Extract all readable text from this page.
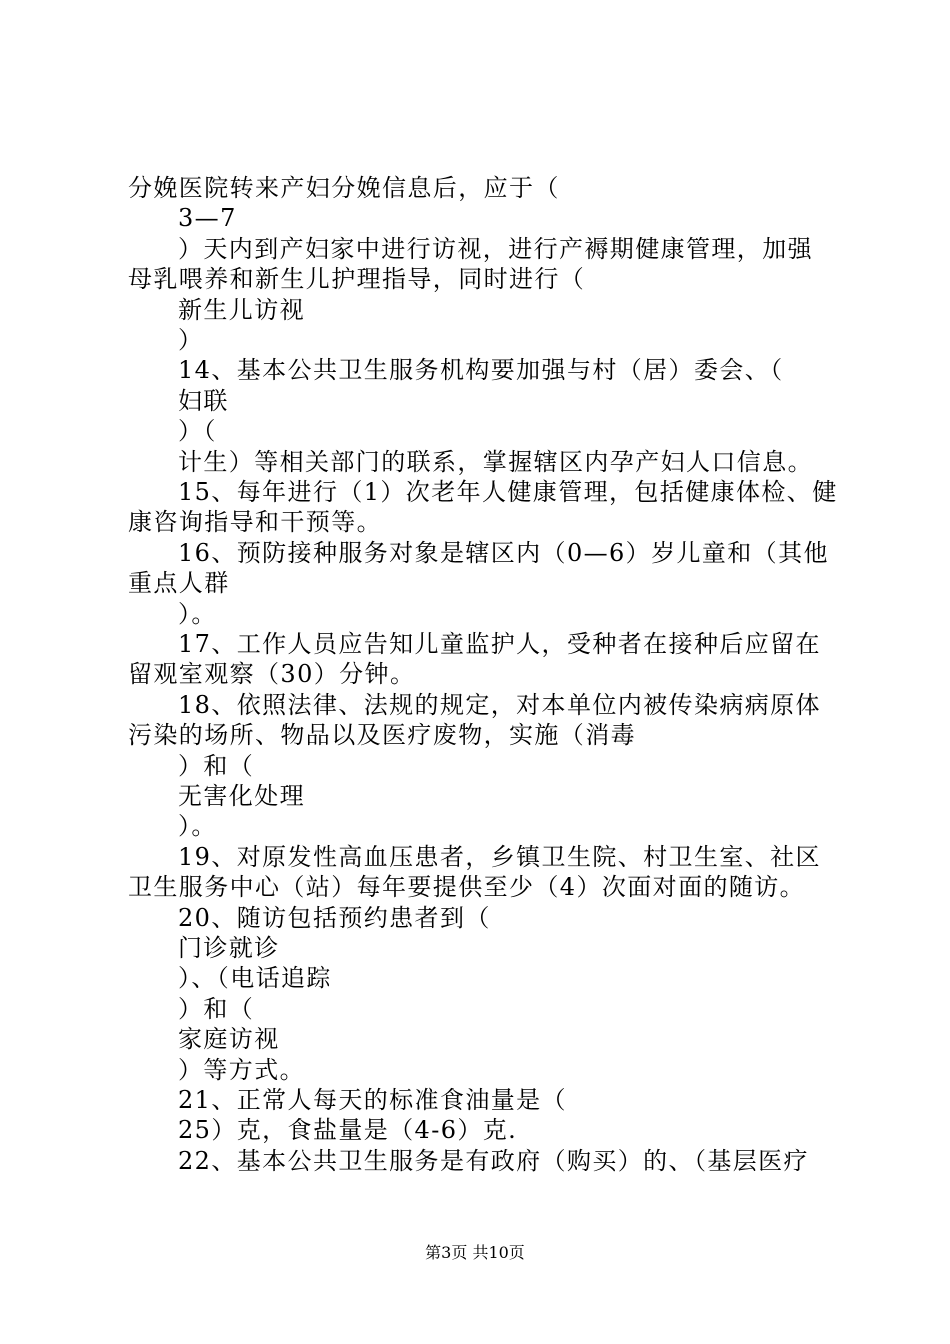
分娩医院转来产妇分娩信息后，应于（
3—7
）天内到产妇家中进行访视，进行产褥期健康管理，加强
母乳喂养和新生儿护理指导，同时进行（
新生儿访视
）
14、基本公共卫生服务机构要加强与村（居）委会、（
妇联
）（
计生）等相关部门的联系，掌握辖区内孕产妇人口信息。
15、每年进行（1）次老年人健康管理，包括健康体检、健
康咨询指导和干预等。
16、预防接种服务对象是辖区内（0—6）岁儿童和（其他
重点人群
）。
17、工作人员应告知儿童监护人，受种者在接种后应留在
留观室观察（30）分钟。
18、依照法律、法规的规定，对本单位内被传染病病原体
污染的场所、物品以及医疗废物，实施（消毒
）和（
无害化处理
）。
19、对原发性高血压患者，乡镇卫生院、村卫生室、社区
卫生服务中心（站）每年要提供至少（4）次面对面的随访。
20、随访包括预约患者到（
门诊就诊
）、（电话追踪
）和（
家庭访视
）等方式。
21、正常人每天的标准食油量是（
25）克，食盐量是（4-6）克.
22、基本公共卫生服务是有政府（购买）的、（基层医疗
第3页 共10页
